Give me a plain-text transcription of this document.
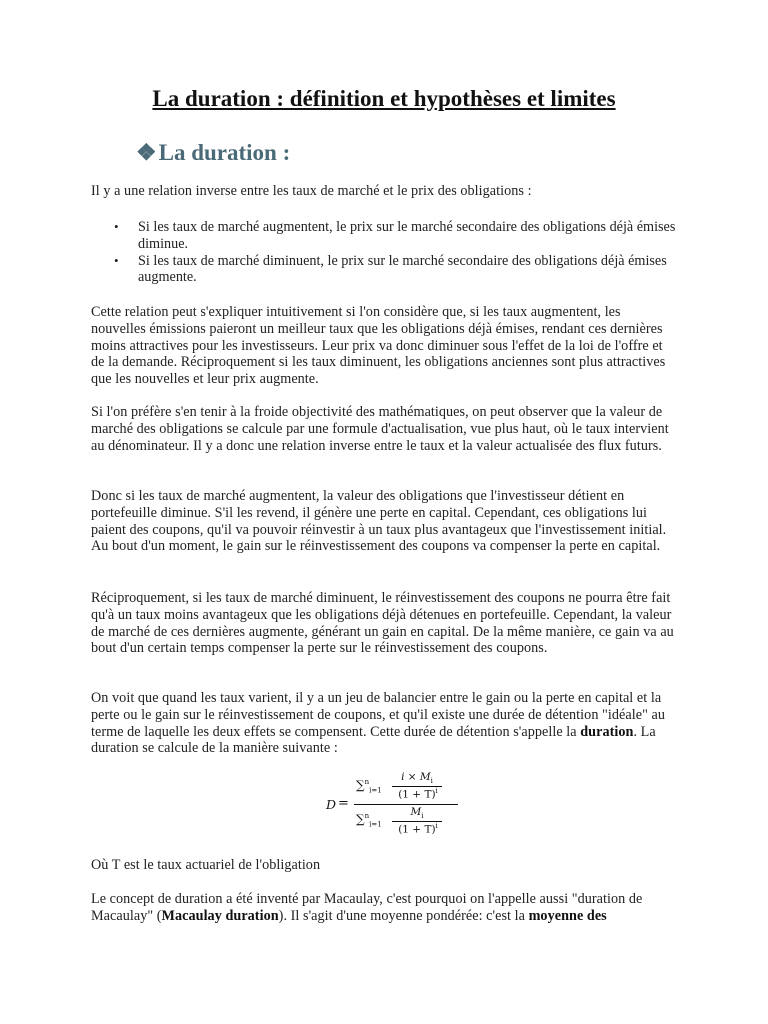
La duration : définition et hypothèses et limites
❖La duration :

Il y a une relation inverse entre les taux de marché et le prix des obligations :

• Si les taux de marché augmentent, le prix sur le marché secondaire des obligations déjà émises diminue.
• Si les taux de marché diminuent, le prix sur le marché secondaire des obligations déjà émises augmente.

Cette relation peut s'expliquer intuitivement si l'on considère que, si les taux augmentent, les nouvelles émissions paieront un meilleur taux que les obligations déjà émises, rendant ces dernières moins attractives pour les investisseurs. Leur prix va donc diminuer sous l'effet de la loi de l'offre et de la demande. Réciproquement si les taux diminuent, les obligations anciennes sont plus attractives que les nouvelles et leur prix augmente.

Si l'on préfère s'en tenir à la froide objectivité des mathématiques, on peut observer que la valeur de marché des obligations se calcule par une formule d'actualisation, vue plus haut, où le taux intervient au dénominateur. Il y a donc une relation inverse entre le taux et la valeur actualisée des flux futurs.

Donc si les taux de marché augmentent, la valeur des obligations que l'investisseur détient en portefeuille diminue. S'il les revend, il génère une perte en capital. Cependant, ces obligations lui paient des coupons, qu'il va pouvoir réinvestir à un taux plus avantageux que l'investissement initial. Au bout d'un moment, le gain sur le réinvestissement des coupons va compenser la perte en capital.

Réciproquement, si les taux de marché diminuent, le réinvestissement des coupons ne pourra être fait qu'à un taux moins avantageux que les obligations déjà détenues en portefeuille. Cependant, la valeur de marché de ces dernières augmente, générant un gain en capital. De la même manière, ce gain va au bout d'un certain temps compenser la perte sur le réinvestissement des coupons.

On voit que quand les taux varient, il y a un jeu de balancier entre le gain ou la perte en capital et la perte ou le gain sur le réinvestissement de coupons, et qu'il existe une durée de détention "idéale" au terme de laquelle les deux effets se compensent. Cette durée de détention s'appelle la duration. La duration se calcule de la manière suivante :

D =
∑$^n_{i=1}$
$i \times M_i$
$(1 + T)^i$
∑$^n_{i=1}$
$M_i$
$(1 + T)^i$

Où T est le taux actuariel de l'obligation

Le concept de duration a été inventé par Macaulay, c'est pourquoi on l'appelle aussi "duration de Macaulay" (Macaulay duration). Il s'agit d'une moyenne pondérée: c'est la moyenne des
